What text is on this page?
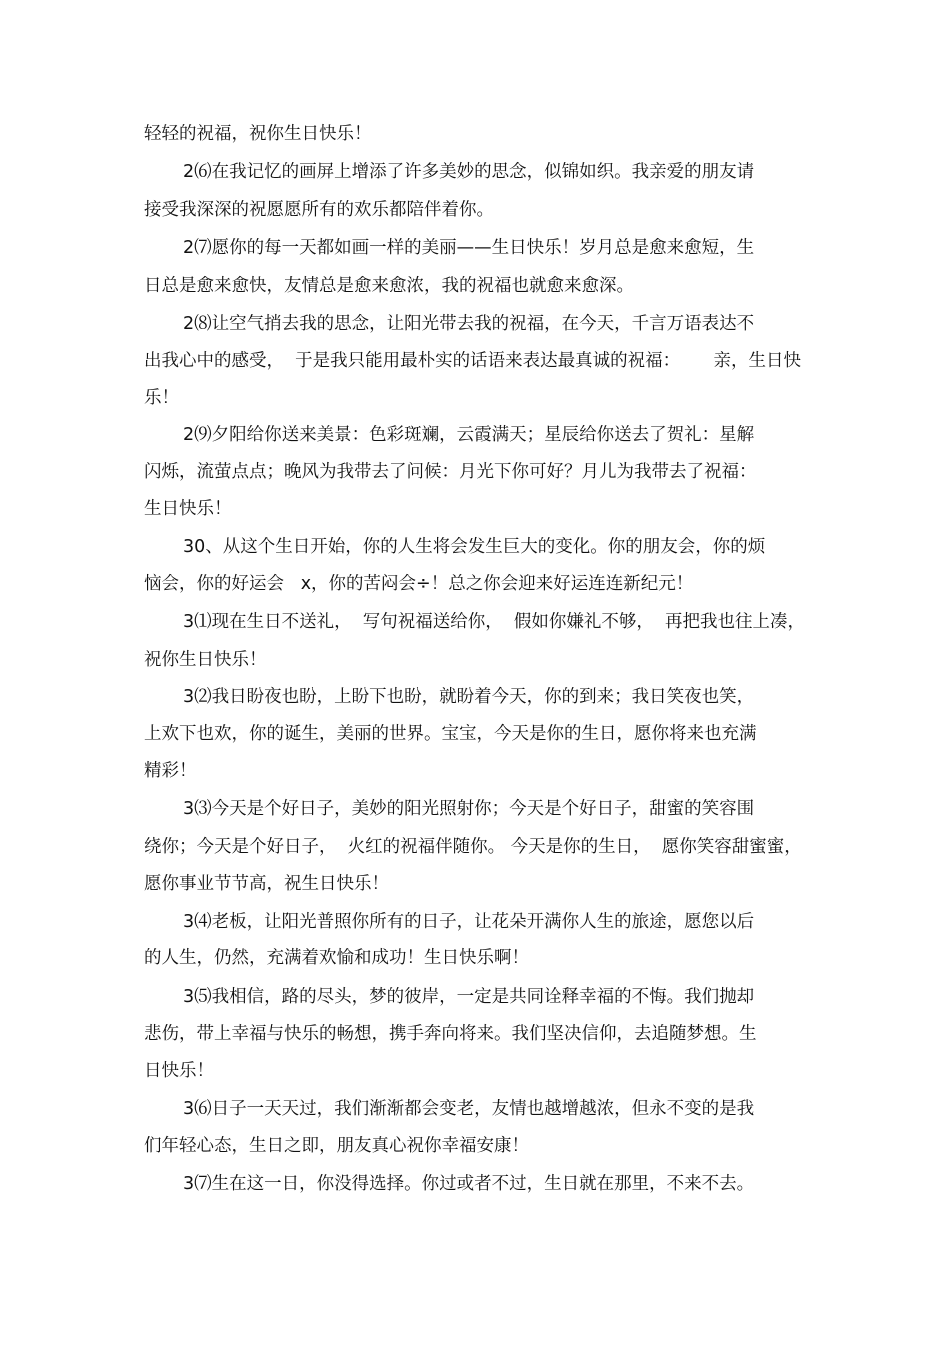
轻轻的祝福，祝你生日快乐！
2⑹在我记忆的画屏上增添了许多美妙的思念，似锦如织。我亲爱的朋友请
接受我深深的祝愿愿所有的欢乐都陪伴着你。
2⑺愿你的每一天都如画一样的美丽——生日快乐！岁月总是愈来愈短，生
日总是愈来愈快，友情总是愈来愈浓，我的祝福也就愈来愈深。
2⑻让空气捎去我的思念，让阳光带去我的祝福，在今天，千言万语表达不
出我心中的感受，  于是我只能用最朴实的话语来表达最真诚的祝福：      亲，生日快
乐！
2⑼夕阳给你送来美景：色彩斑斓，云霞满天；星辰给你送去了贺礼：星解
闪烁，流萤点点；晚风为我带去了问候：月光下你可好？月儿为我带去了祝福：
生日快乐！
30、从这个生日开始，你的人生将会发生巨大的变化。你的朋友会，你的烦
恼会，你的好运会   x，你的苦闷会÷！总之你会迎来好运连连新纪元！
3⑴现在生日不送礼，  写句祝福送给你，  假如你嫌礼不够，  再把我也往上凑，
祝你生日快乐！
3⑵我日盼夜也盼，上盼下也盼，就盼着今天，你的到来；我日笑夜也笑，
上欢下也欢，你的诞生，美丽的世界。宝宝，今天是你的生日，愿你将来也充满
精彩！
3⑶今天是个好日子，美妙的阳光照射你；今天是个好日子，甜蜜的笑容围
绕你；今天是个好日子，  火红的祝福伴随你。 今天是你的生日，  愿你笑容甜蜜蜜，
愿你事业节节高，祝生日快乐！
3⑷老板，让阳光普照你所有的日子，让花朵开满你人生的旅途，愿您以后
的人生，仍然，充满着欢愉和成功！生日快乐啊！
3⑸我相信，路的尽头，梦的彼岸，一定是共同诠释幸福的不悔。我们抛却
悲伤，带上幸福与快乐的畅想，携手奔向将来。我们坚决信仰，去追随梦想。生
日快乐！
3⑹日子一天天过，我们渐渐都会变老，友情也越增越浓，但永不变的是我
们年轻心态，生日之即，朋友真心祝你幸福安康！
3⑺生在这一日，你没得选择。你过或者不过，生日就在那里，不来不去。
